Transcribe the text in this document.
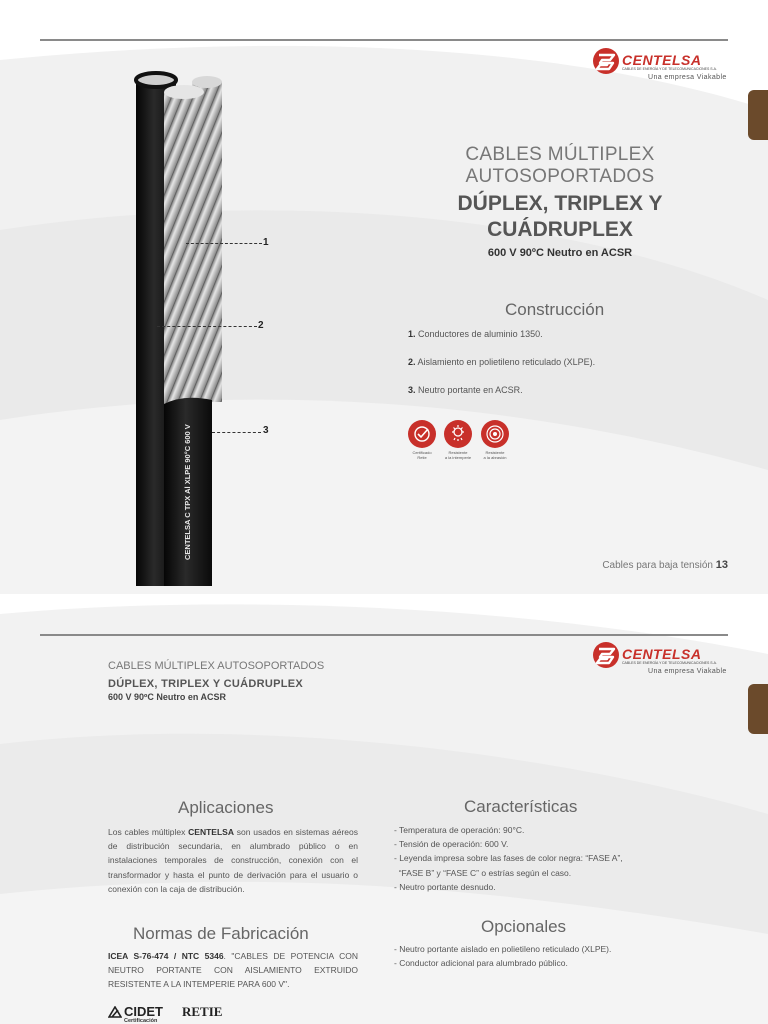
CENTELSA
CABLES DE ENERGÍA Y DE TELECOMUNICACIONES S.A.
Una empresa Viakable
CENTELSA C TPX Al XLPE 90°C 600 V
1
2
3
CABLES MÚLTIPLEX
AUTOSOPORTADOS
DÚPLEX, TRIPLEX Y
CUÁDRUPLEX
600 V 90ºC Neutro en ACSR
Construcción
1. Conductores de aluminio 1350.
2. Aislamiento en polietileno reticulado (XLPE).
3. Neutro portante en ACSR.
Certificado
Retie
Resistente
a la intemperie
Resistente
a la abrasión
Cables para baja tensión 13
CENTELSA
CABLES DE ENERGÍA Y DE TELECOMUNICACIONES S.A.
Una empresa Viakable
CABLES MÚLTIPLEX AUTOSOPORTADOS
DÚPLEX, TRIPLEX Y CUÁDRUPLEX
600 V 90ºC Neutro en ACSR
Aplicaciones
Los cables múltiplex CENTELSA son usados en sistemas aéreos de distribución secundaria, en alumbrado público o en instalaciones temporales de construcción, conexión con el transformador y hasta el punto de derivación para el usuario o conexión con la caja de distribución.
Normas de Fabricación
ICEA S-76-474 / NTC 5346. "CABLES DE POTENCIA CON NEUTRO PORTANTE CON AISLAMIENTO EXTRUIDO RESISTENTE A LA INTEMPERIE PARA 600 V".
CIDET
Certificación
RETIE
Características
- Temperatura de operación: 90°C.
- Tensión de operación: 600 V.
- Leyenda impresa sobre las fases de color negra: “FASE A”,
“FASE B” y “FASE C” o estrías según el caso.
- Neutro portante desnudo.
Opcionales
- Neutro portante aislado en polietileno reticulado (XLPE).
- Conductor adicional para alumbrado público.
